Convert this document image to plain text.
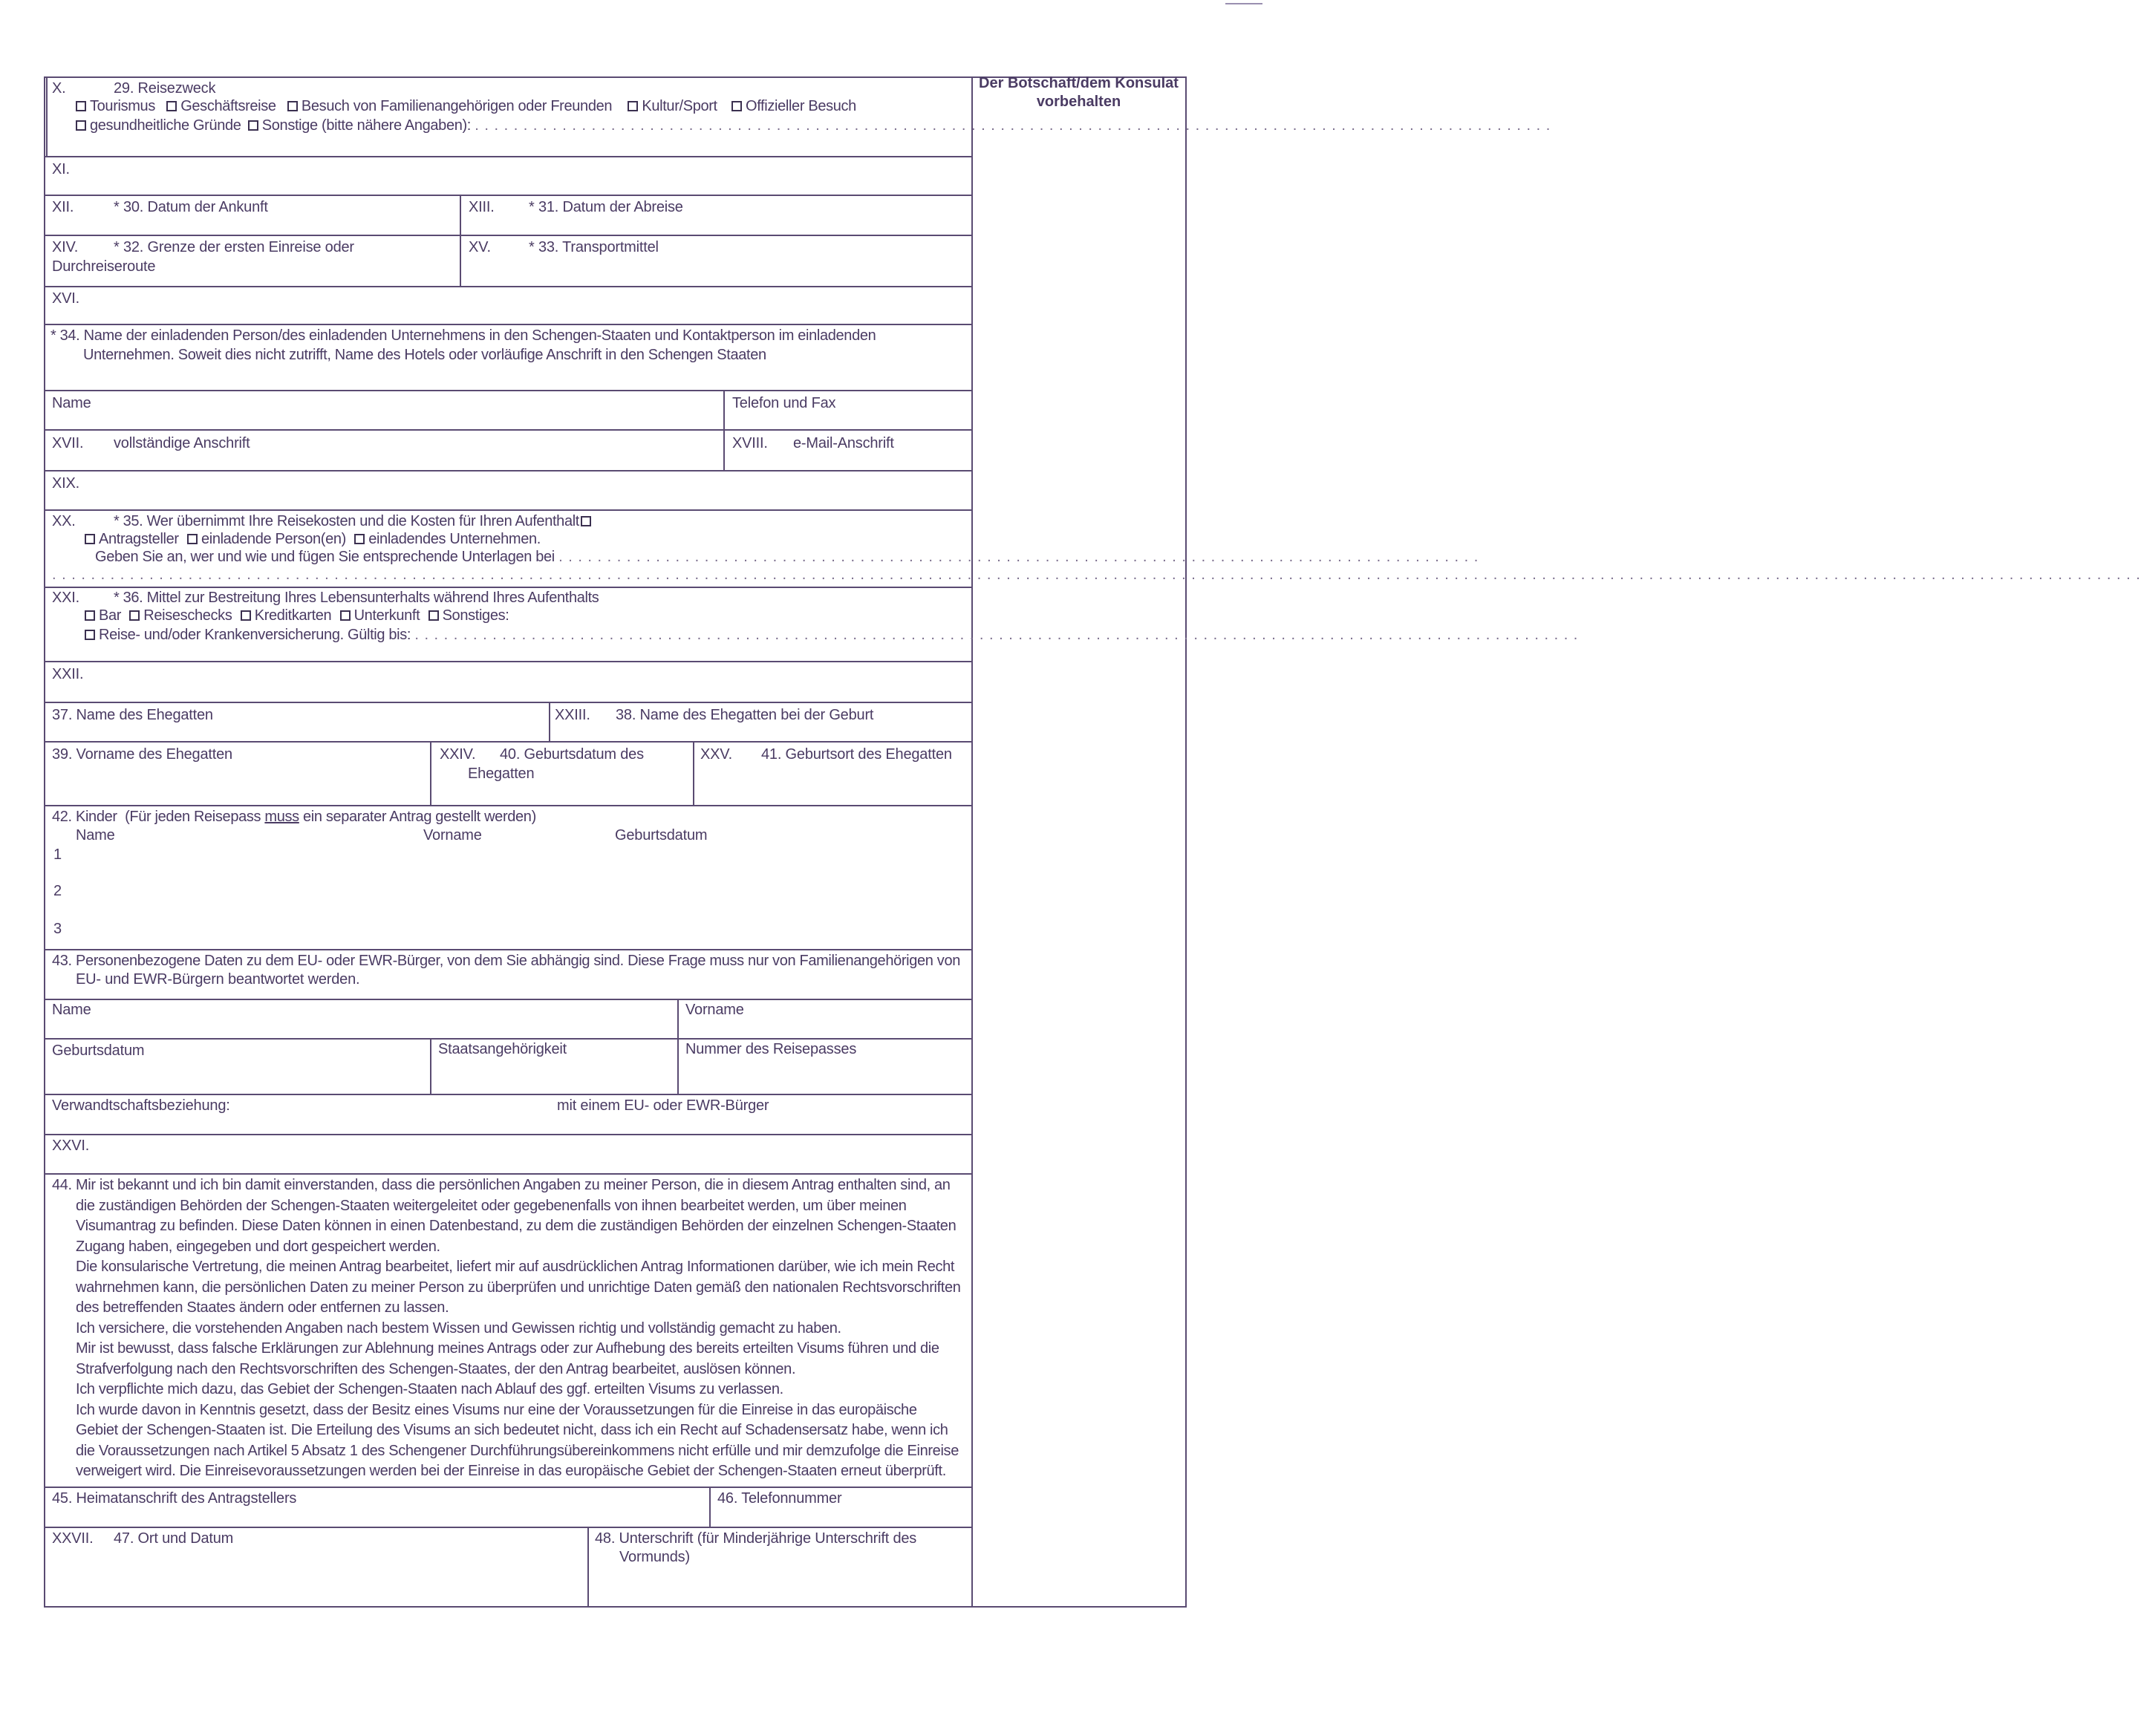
Der Botschaft/dem Konsulat
vorbehalten
X.	29. Reisezweck
Tourismus Geschäftsreise Besuch von Familienangehörigen oder Freunden Kultur/Sport Offizieller Besuch
gesundheitliche Gründe Sonstige (bitte nähere Angaben): . . . . . . . . . . . . . . . . . . . . . . . . . . . . . . . . . . . . . . . . . . . . . . . . . . . . . . . . . . . . . . . . . . . . . . . . . . . . . . . . . . . . . . . . . . . . . . . . . . . . . . . . . . . . . . .
XI.
XII.	* 30. Datum der Ankunft	XIII. * 31. Datum der Abreise
XIV. * 32. Grenze der ersten Einreise oder
Durchreiseroute
XV.	* 33. Transportmittel
XVI.
* 34. Name der einladenden Person/des einladenden Unternehmens in den Schengen-Staaten und Kontaktperson im einladenden
Unternehmen. Soweit dies nicht zutrifft, Name des Hotels oder vorläufige Anschrift in den Schengen Staaten
Name	Telefon und Fax
XVII. vollständige Anschrift	XVIII. e-Mail-Anschrift
XIX.
XX.	* 35. Wer übernimmt Ihre Reisekosten und die Kosten für Ihren Aufenthalt
Antragsteller einladende Person(en) einladendes Unternehmen.
Geben Sie an, wer und wie und fügen Sie entsprechende Unterlagen bei . . . . . . . . . . . . . . . . . . . . . . . . . . . . . . . . . . . . . . . . . . . . . . . . . . . . . . . . . . . . . . . . . . . . . . . . . . . . . . . . . . . . . . . . . . . . . . .
. . . . . . . . . . . . . . . . . . . . . . . . . . . . . . . . . . . . . . . . . . . . . . . . . . . . . . . . . . . . . . . . . . . . . . . . . . . . . . . . . . . . . . . . . . . . . . . . . . . . . . . . . . . . . . . . . . . . . . . . . . . . . . . . . . . . . . . . . . . . . . . . . . . . . . . . . . . . . . . . . . . . . . . . . . . . . . . . . . . . . . . . . . . . . . . . . . . . . . . . . . . . . . . . . . . . . . .
XXI. * 36. Mittel zur Bestreitung Ihres Lebensunterhalts während Ihres Aufenthalts
Bar Reiseschecks Kreditkarten Unterkunft Sonstiges:
Reise- und/oder Krankenversicherung. Gültig bis: . . . . . . . . . . . . . . . . . . . . . . . . . . . . . . . . . . . . . . . . . . . . . . . . . . . . . . . . . . . . . . . . . . . . . . . . . . . . . . . . . . . . . . . . . . . . . . . . . . . . . . . . . . . . . . . . . . . . . . . .
XXII.
37. Name des Ehegatten	XXIII. 38. Name des Ehegatten bei der Geburt
39. Vorname des Ehegatten	XXIV. 40. Geburtsdatum des
Ehegatten
XXV. 41. Geburtsort des Ehegatten
42. Kinder  (Für jeden Reisepass muss ein separater Antrag gestellt werden)
Name	Vorname	Geburtsdatum
1
2
3
43. Personenbezogene Daten zu dem EU- oder EWR-Bürger, von dem Sie abhängig sind. Diese Frage muss nur von Familienangehörigen von
EU- und EWR-Bürgern beantwortet werden.
Name	Vorname
Geburtsdatum	Staatsangehörigkeit	Nummer des Reisepasses
Verwandtschaftsbeziehung:	mit einem EU- oder EWR-Bürger
XXVI.

44. Mir ist bekannt und ich bin damit einverstanden, dass die persönlichen Angaben zu meiner Person, die in diesem Antrag enthalten sind, an

die zuständigen Behörden der Schengen-Staaten weitergeleitet oder gegebenenfalls von ihnen bearbeitet werden, um über meinen

Visumantrag zu befinden. Diese Daten können in einen Datenbestand, zu dem die zuständigen Behörden der einzelnen Schengen-Staaten

Zugang haben, eingegeben und dort gespeichert werden.

Die konsularische Vertretung, die meinen Antrag bearbeitet, liefert mir auf ausdrücklichen Antrag Informationen darüber, wie ich mein Recht

wahrnehmen kann, die persönlichen Daten zu meiner Person zu überprüfen und unrichtige Daten gemäß den nationalen Rechtsvorschriften

des betreffenden Staates ändern oder entfernen zu lassen.

Ich versichere, die vorstehenden Angaben nach bestem Wissen und Gewissen richtig und vollständig gemacht zu haben.

Mir ist bewusst, dass falsche Erklärungen zur Ablehnung meines Antrags oder zur Aufhebung des bereits erteilten Visums führen und die

Strafverfolgung nach den Rechtsvorschriften des Schengen-Staates, der den Antrag bearbeitet, auslösen können.

Ich verpflichte mich dazu, das Gebiet der Schengen-Staaten nach Ablauf des ggf. erteilten Visums zu verlassen.

Ich wurde davon in Kenntnis gesetzt, dass der Besitz eines Visums nur eine der Voraussetzungen für die Einreise in das europäische

Gebiet der Schengen-Staaten ist. Die Erteilung des Visums an sich bedeutet nicht, dass ich ein Recht auf Schadensersatz habe, wenn ich

die Voraussetzungen nach Artikel 5 Absatz 1 des Schengener Durchführungsübereinkommens nicht erfülle und mir demzufolge die Einreise

verweigert wird. Die Einreisevoraussetzungen werden bei der Einreise in das europäische Gebiet der Schengen-Staaten erneut überprüft.

45. Heimatanschrift des Antragstellers	46. Telefonnummer
XXVII. 47. Ort und Datum	48. Unterschrift (für Minderjährige Unterschrift des
Vormunds)
